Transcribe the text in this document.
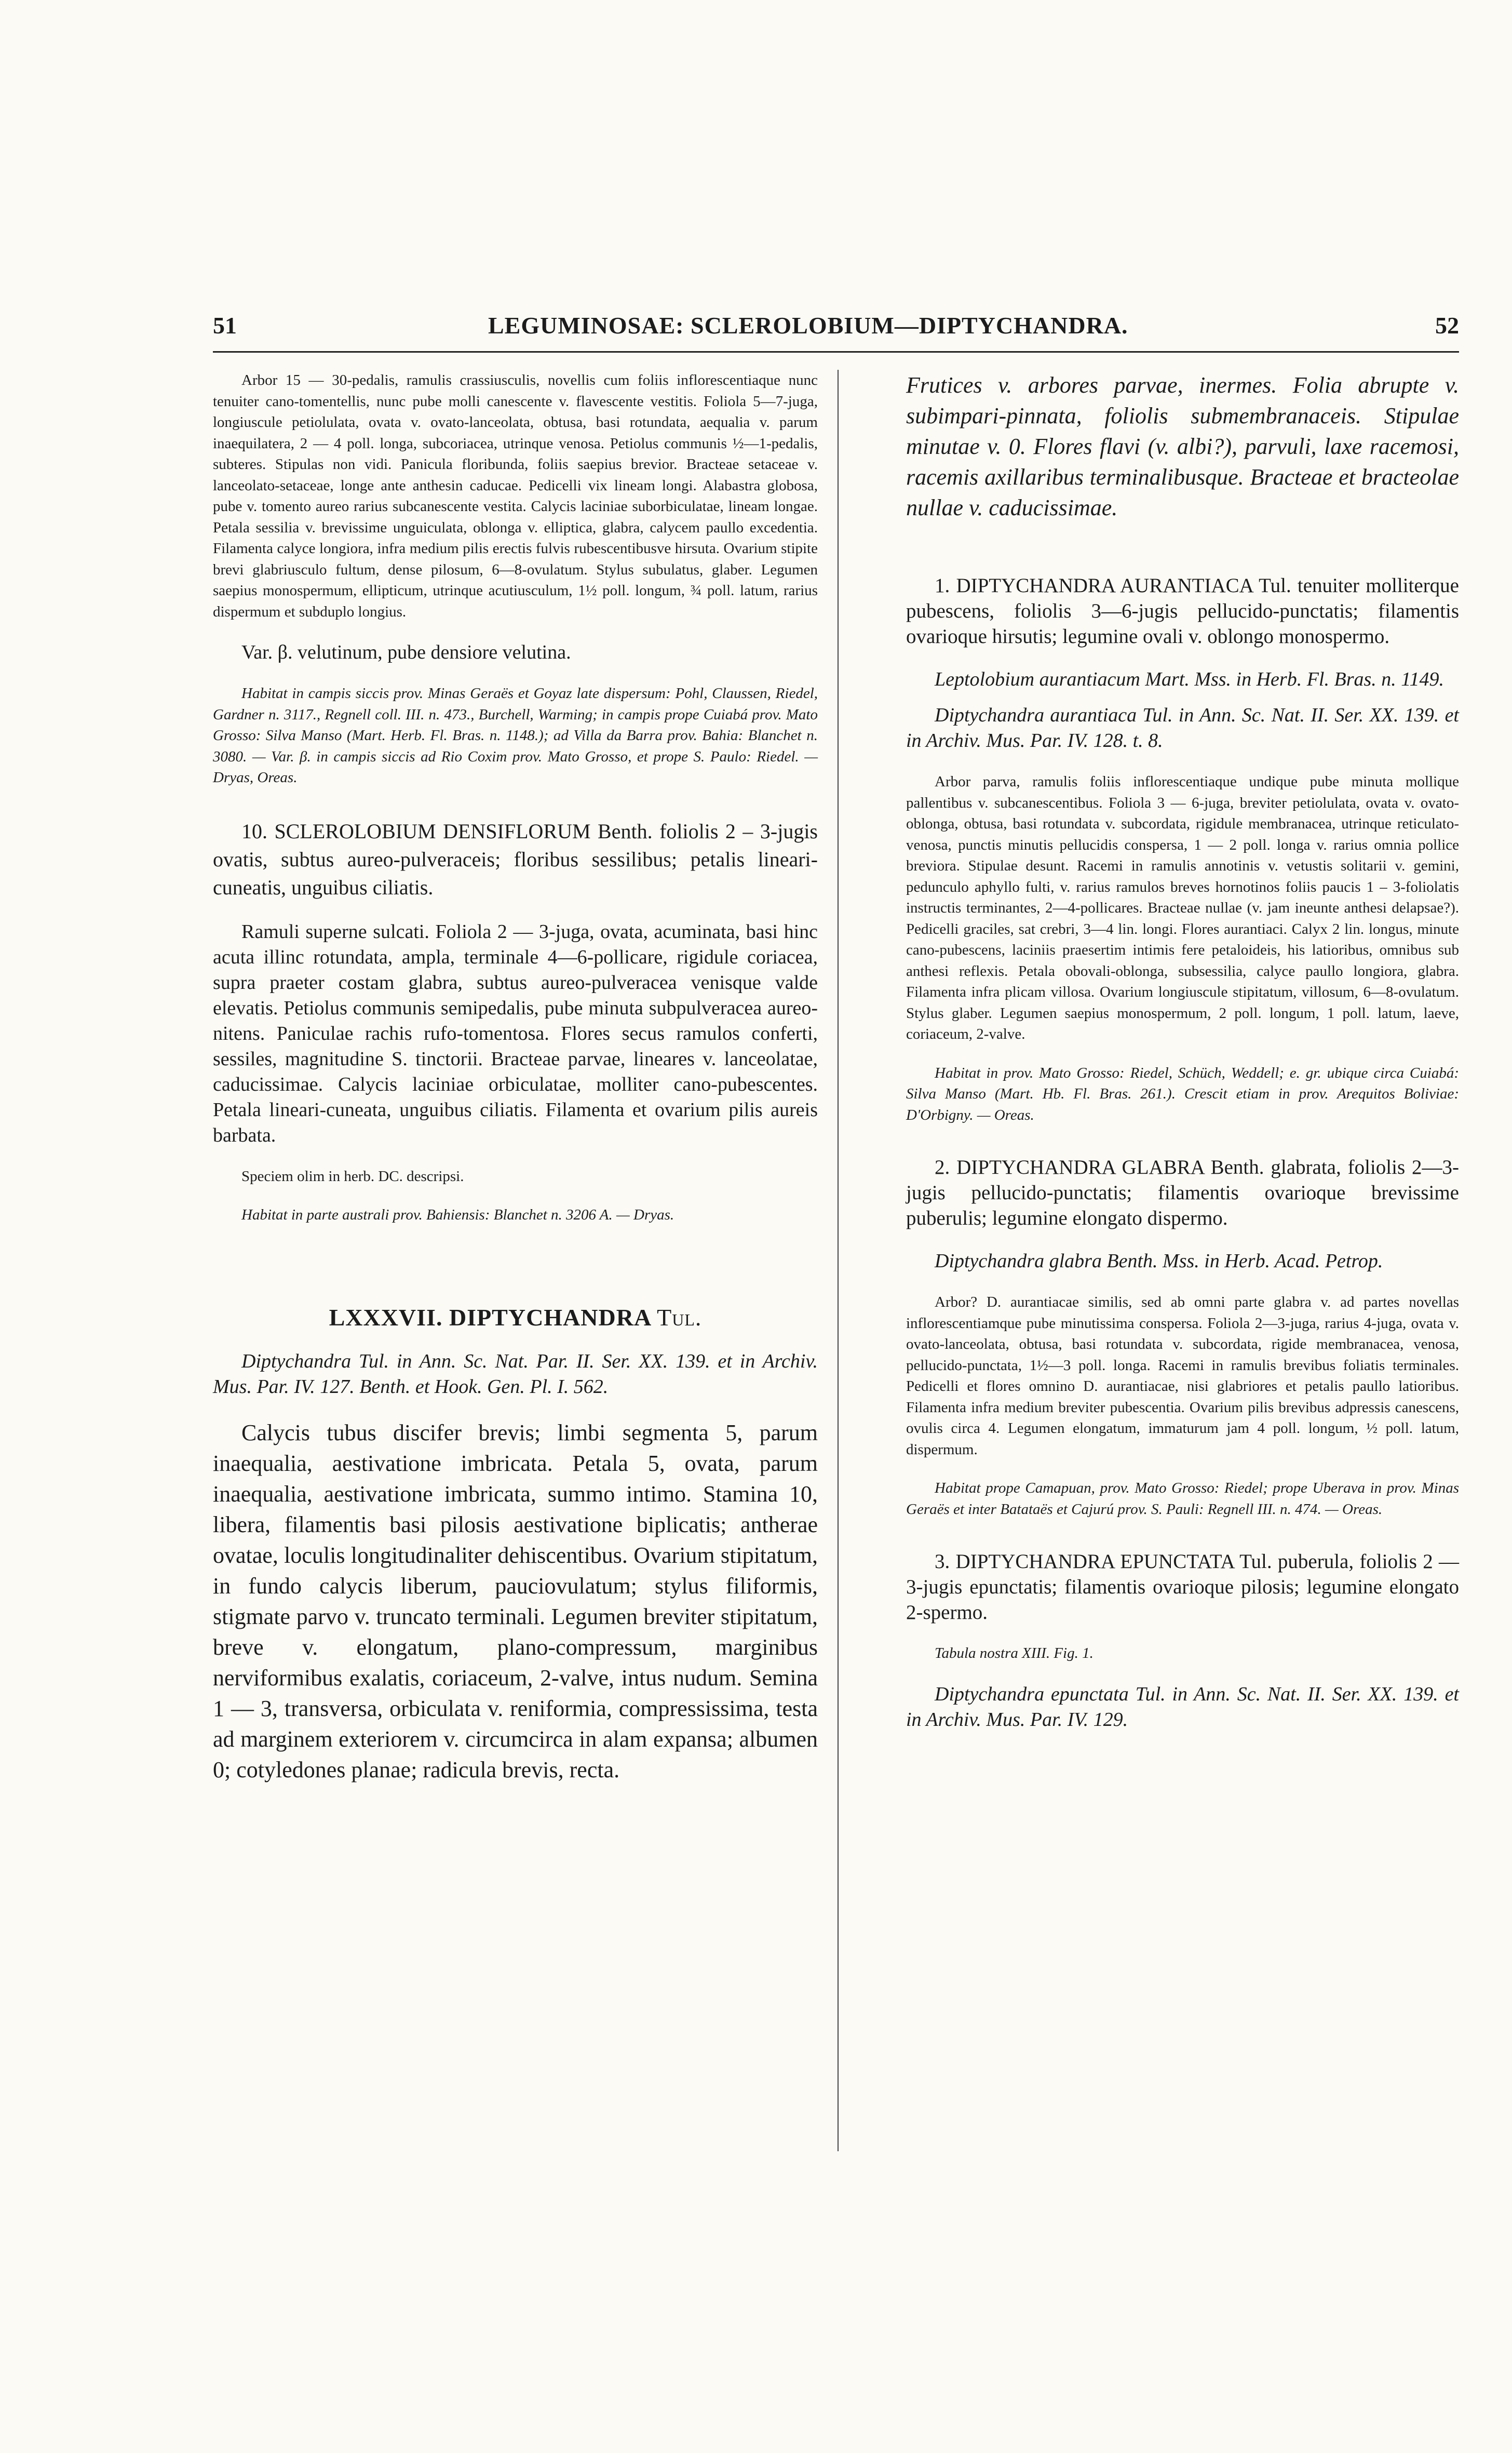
51	LEGUMINOSAE: SCLEROLOBIUM—DIPTYCHANDRA.	52

Arbor 15 — 30-pedalis, ramulis crassiusculis, novellis cum foliis inflorescentiaque nunc tenuiter cano-tomentellis, nunc pube molli canescente v. flavescente vestitis. Foliola 5—7-juga, longiuscule petiolulata, ovata v. ovato-lanceolata, obtusa, basi rotundata, aequalia v. parum inaequilatera, 2 — 4 poll. longa, subcoriacea, utrinque venosa. Petiolus communis ½—1-pedalis, subteres. Stipulas non vidi. Panicula floribunda, foliis saepius brevior. Bracteae setaceae v. lanceolato-setaceae, longe ante anthesin caducae. Pedicelli vix lineam longi. Alabastra globosa, pube v. tomento aureo rarius subcanescente vestita. Calycis laciniae suborbiculatae, lineam longae. Petala sessilia v. brevissime unguiculata, oblonga v. elliptica, glabra, calycem paullo excedentia. Filamenta calyce longiora, infra medium pilis erectis fulvis rubescentibusve hirsuta. Ovarium stipite brevi glabriusculo fultum, dense pilosum, 6—8-ovulatum. Stylus subulatus, glaber. Legumen saepius monospermum, ellipticum, utrinque acutiusculum, 1½ poll. longum, ¾ poll. latum, rarius dispermum et subduplo longius.

Var. β. velutinum, pube densiore velutina.

Habitat in campis siccis prov. Minas Geraës et Goyaz late dispersum: Pohl, Claussen, Riedel, Gardner n. 3117., Regnell coll. III. n. 473., Burchell, Warming; in campis prope Cuiabá prov. Mato Grosso: Silva Manso (Mart. Herb. Fl. Bras. n. 1148.); ad Villa da Barra prov. Bahia: Blanchet n. 3080. — Var. β. in campis siccis ad Rio Coxim prov. Mato Grosso, et prope S. Paulo: Riedel. — Dryas, Oreas.

10. SCLEROLOBIUM DENSIFLORUM Benth. foliolis 2 – 3-jugis ovatis, subtus aureo-pulveraceis; floribus sessilibus; petalis lineari-cuneatis, unguibus ciliatis.

Ramuli superne sulcati. Foliola 2 — 3-juga, ovata, acuminata, basi hinc acuta illinc rotundata, ampla, terminale 4—6-pollicare, rigidule coriacea, supra praeter costam glabra, subtus aureo-pulveracea venisque valde elevatis. Petiolus communis semipedalis, pube minuta subpulveracea aureo-nitens. Paniculae rachis rufo-tomentosa. Flores secus ramulos conferti, sessiles, magnitudine S. tinctorii. Bracteae parvae, lineares v. lanceolatae, caducissimae. Calycis laciniae orbiculatae, molliter cano-pubescentes. Petala lineari-cuneata, unguibus ciliatis. Filamenta et ovarium pilis aureis barbata.

Speciem olim in herb. DC. descripsi.

Habitat in parte australi prov. Bahiensis: Blanchet n. 3206 A. — Dryas.

LXXXVII. DIPTYCHANDRA Tul.

Diptychandra Tul. in Ann. Sc. Nat. Par. II. Ser. XX. 139. et in Archiv. Mus. Par. IV. 127. Benth. et Hook. Gen. Pl. I. 562.

Calycis tubus discifer brevis; limbi segmenta 5, parum inaequalia, aestivatione imbricata. Petala 5, ovata, parum inaequalia, aestivatione imbricata, summo intimo. Stamina 10, libera, filamentis basi pilosis aestivatione biplicatis; antherae ovatae, loculis longitudinaliter dehiscentibus. Ovarium stipitatum, in fundo calycis liberum, pauciovulatum; stylus filiformis, stigmate parvo v. truncato terminali. Legumen breviter stipitatum, breve v. elongatum, plano-compressum, marginibus nerviformibus exalatis, coriaceum, 2-valve, intus nudum. Semina 1 — 3, transversa, orbiculata v. reniformia, compressissima, testa ad marginem exteriorem v. circumcirca in alam expansa; albumen 0; cotyledones planae; radicula brevis, recta.

Frutices v. arbores parvae, inermes. Folia abrupte v. subimpari-pinnata, foliolis submembranaceis. Stipulae minutae v. 0. Flores flavi (v. albi?), parvuli, laxe racemosi, racemis axillaribus terminalibusque. Bracteae et bracteolae nullae v. caducissimae.

1. DIPTYCHANDRA AURANTIACA Tul. tenuiter molliterque pubescens, foliolis 3—6-jugis pellucido-punctatis; filamentis ovarioque hirsutis; legumine ovali v. oblongo monospermo.

Leptolobium aurantiacum Mart. Mss. in Herb. Fl. Bras. n. 1149.

Diptychandra aurantiaca Tul. in Ann. Sc. Nat. II. Ser. XX. 139. et in Archiv. Mus. Par. IV. 128. t. 8.

Arbor parva, ramulis foliis inflorescentiaque undique pube minuta mollique pallentibus v. subcanescentibus. Foliola 3 — 6-juga, breviter petiolulata, ovata v. ovato-oblonga, obtusa, basi rotundata v. subcordata, rigidule membranacea, utrinque reticulato-venosa, punctis minutis pellucidis conspersa, 1 — 2 poll. longa v. rarius omnia pollice breviora. Stipulae desunt. Racemi in ramulis annotinis v. vetustis solitarii v. gemini, pedunculo aphyllo fulti, v. rarius ramulos breves hornotinos foliis paucis 1 – 3-foliolatis instructis terminantes, 2—4-pollicares. Bracteae nullae (v. jam ineunte anthesi delapsae?). Pedicelli graciles, sat crebri, 3—4 lin. longi. Flores aurantiaci. Calyx 2 lin. longus, minute cano-pubescens, laciniis praesertim intimis fere petaloideis, his latioribus, omnibus sub anthesi reflexis. Petala obovali-oblonga, subsessilia, calyce paullo longiora, glabra. Filamenta infra plicam villosa. Ovarium longiuscule stipitatum, villosum, 6—8-ovulatum. Stylus glaber. Legumen saepius monospermum, 2 poll. longum, 1 poll. latum, laeve, coriaceum, 2-valve.

Habitat in prov. Mato Grosso: Riedel, Schüch, Weddell; e. gr. ubique circa Cuiabá: Silva Manso (Mart. Hb. Fl. Bras. 261.). Crescit etiam in prov. Arequitos Boliviae: D'Orbigny. — Oreas.

2. DIPTYCHANDRA GLABRA Benth. glabrata, foliolis 2—3-jugis pellucido-punctatis; filamentis ovarioque brevissime puberulis; legumine elongato dispermo.

Diptychandra glabra Benth. Mss. in Herb. Acad. Petrop.

Arbor? D. aurantiacae similis, sed ab omni parte glabra v. ad partes novellas inflorescentiamque pube minutissima conspersa. Foliola 2—3-juga, rarius 4-juga, ovata v. ovato-lanceolata, obtusa, basi rotundata v. subcordata, rigide membranacea, venosa, pellucido-punctata, 1½—3 poll. longa. Racemi in ramulis brevibus foliatis terminales. Pedicelli et flores omnino D. aurantiacae, nisi glabriores et petalis paullo latioribus. Filamenta infra medium breviter pubescentia. Ovarium pilis brevibus adpressis canescens, ovulis circa 4. Legumen elongatum, immaturum jam 4 poll. longum, ½ poll. latum, dispermum.

Habitat prope Camapuan, prov. Mato Grosso: Riedel; prope Uberava in prov. Minas Geraës et inter Batataës et Cajurú prov. S. Pauli: Regnell III. n. 474. — Oreas.

3. DIPTYCHANDRA EPUNCTATA Tul. puberula, foliolis 2 — 3-jugis epunctatis; filamentis ovarioque pilosis; legumine elongato 2-spermo.

Tabula nostra XIII. Fig. 1.

Diptychandra epunctata Tul. in Ann. Sc. Nat. II. Ser. XX. 139. et in Archiv. Mus. Par. IV. 129.
